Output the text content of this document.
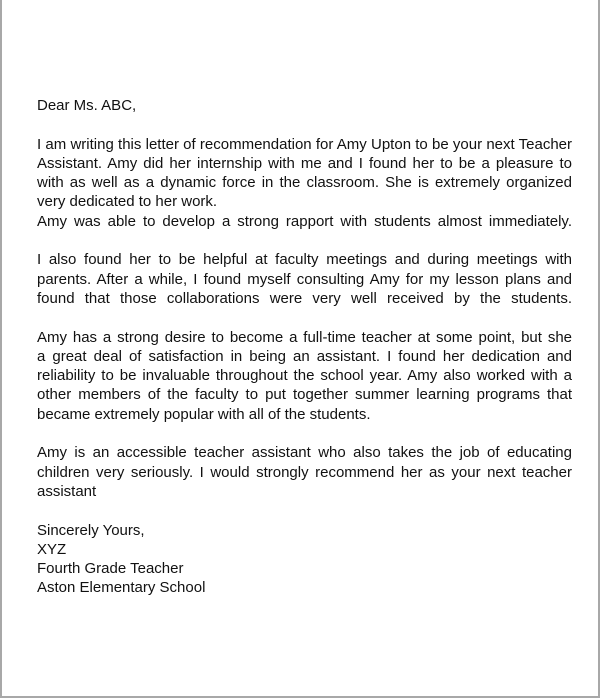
Dear Ms. ABC,
I am writing this letter of recommendation for Amy Upton to be your next Teacher
Assistant. Amy did her internship with me and I found her to be a pleasure to
with as well as a dynamic force in the classroom. She is extremely organized
very dedicated to her work.
Amy was able to develop a strong rapport with students almost immediately.
I also found her to be helpful at faculty meetings and during meetings with
parents. After a while, I found myself consulting Amy for my lesson plans and
found that those collaborations were very well received by the students.
Amy has a strong desire to become a full-time teacher at some point, but she
a great deal of satisfaction in being an assistant. I found her dedication and
reliability to be invaluable throughout the school year. Amy also worked with a
other members of the faculty to put together summer learning programs that
became extremely popular with all of the students.
Amy is an accessible teacher assistant who also takes the job of educating
children very seriously. I would strongly recommend her as your next teacher
assistant
Sincerely Yours,
XYZ
Fourth Grade Teacher
Aston Elementary School
